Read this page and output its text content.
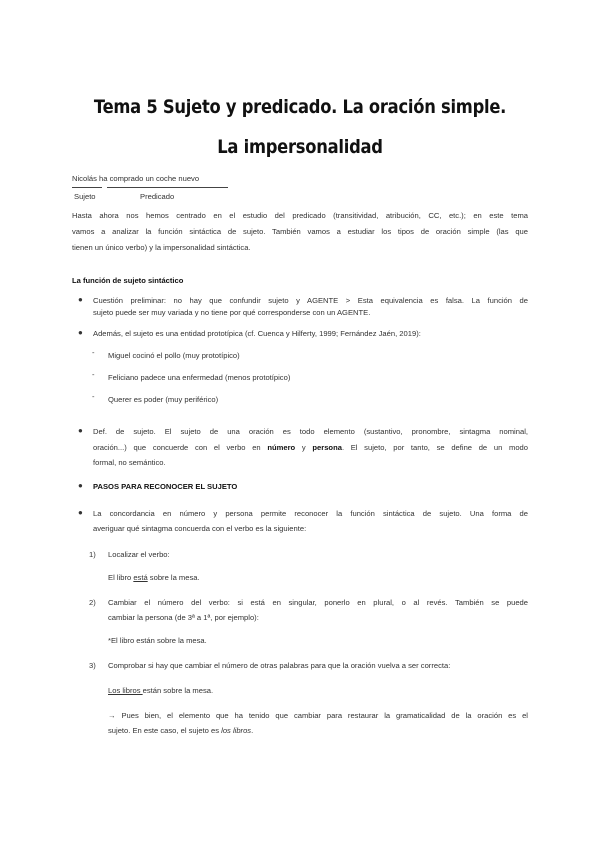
Tema 5 Sujeto y predicado. La oración simple.
La impersonalidad
Nicolás ha comprado un coche nuevo
Sujeto	Predicado
Hasta ahora nos hemos centrado en el estudio del predicado (transitividad, atribución, CC, etc.); en este tema
vamos a analizar la función sintáctica de sujeto. También vamos a estudiar los tipos de oración simple (las que
tienen un único verbo) y la impersonalidad sintáctica.
La función de sujeto sintáctico
● Cuestión preliminar: no hay que confundir sujeto y AGENTE > Esta equivalencia es falsa. La función de
sujeto puede ser muy variada y no tiene por qué corresponderse con un AGENTE.
● Además, el sujeto es una entidad prototípica (cf. Cuenca y Hilferty, 1999; Fernández Jaén, 2019):
- Miguel cocinó el pollo (muy prototípico)
- Feliciano padece una enfermedad (menos prototípico)
- Querer es poder (muy periférico)
● Def. de sujeto. El sujeto de una oración es todo elemento (sustantivo, pronombre, sintagma nominal,
oración...) que concuerde con el verbo en número y persona. El sujeto, por tanto, se define de un modo
formal, no semántico.
● PASOS PARA RECONOCER EL SUJETO
● La concordancia en número y persona permite reconocer la función sintáctica de sujeto. Una forma de
averiguar qué sintagma concuerda con el verbo es la siguiente:
1) Localizar el verbo:
El libro está sobre la mesa.
2) Cambiar el número del verbo: si está en singular, ponerlo en plural, o al revés. También se puede
cambiar la persona (de 3ª a 1ª, por ejemplo):
*El libro están sobre la mesa.
3) Comprobar si hay que cambiar el número de otras palabras para que la oración vuelva a ser correcta:
Los libros están sobre la mesa.
→ Pues bien, el elemento que ha tenido que cambiar para restaurar la gramaticalidad de la oración es el
sujeto. En este caso, el sujeto es los libros.
